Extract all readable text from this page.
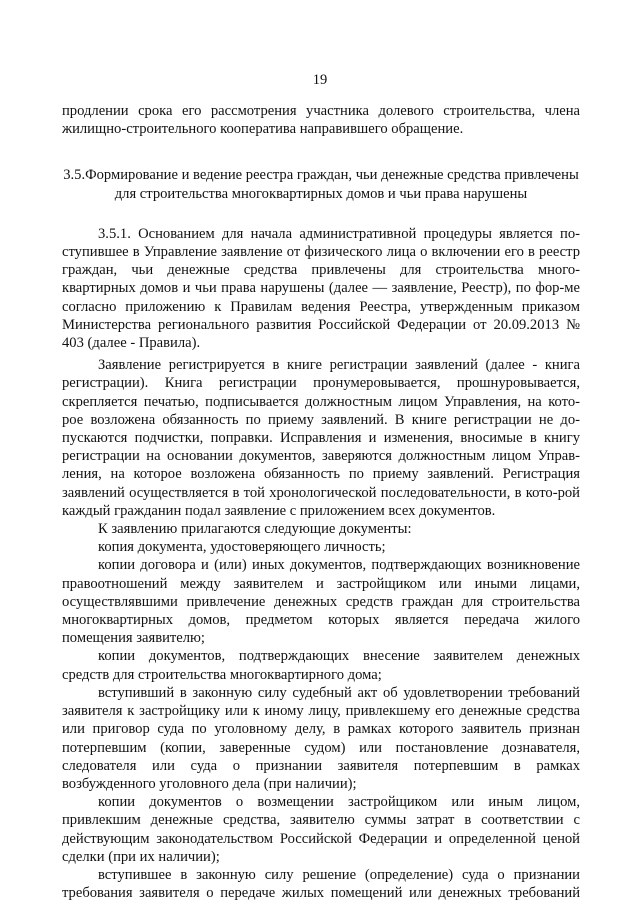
19

продлении срока его рассмотрения участника долевого строительства, члена жилищно-строительного кооператива направившего обращение.

3.5.Формирование и ведение реестра граждан, чьи денежные средства привлечены для строительства многоквартирных домов и чьи права нарушены

3.5.1. Основанием для начала административной процедуры является по-ступившее в Управление заявление от физического лица о включении его в реестр граждан, чьи денежные средства привлечены для строительства много-квартирных домов и чьи права нарушены (далее — заявление, Реестр), по фор-ме согласно приложению к Правилам ведения Реестра, утвержденным приказом Министерства регионального развития Российской Федерации от 20.09.2013 № 403 (далее - Правила).

Заявление регистрируется в книге регистрации заявлений (далее - книга регистрации). Книга регистрации пронумеровывается, прошнуровывается, скрепляется печатью, подписывается должностным лицом Управления, на кото-рое возложена обязанность по приему заявлений. В книге регистрации не до-пускаются подчистки, поправки. Исправления и изменения, вносимые в книгу регистрации на основании документов, заверяются должностным лицом Управ-ления, на которое возложена обязанность по приему заявлений. Регистрация заявлений осуществляется в той хронологической последовательности, в кото-рой каждый гражданин подал заявление с приложением всех документов.

К заявлению прилагаются следующие документы:

копия документа, удостоверяющего личность;

копии договора и (или) иных документов, подтверждающих возникновение правоотношений между заявителем и застройщиком или иными лицами, осуществлявшими привлечение денежных средств граждан для строительства многоквартирных домов, предметом которых является передача жилого помещения заявителю;

копии документов, подтверждающих внесение заявителем денежных средств для строительства многоквартирного дома;

вступивший в законную силу судебный акт об удовлетворении требований заявителя к застройщику или к иному лицу, привлекшему его денежные средства или приговор суда по уголовному делу, в рамках которого заявитель признан потерпевшим (копии, заверенные судом) или постановление дознавателя, следователя или суда о признании заявителя потерпевшим в рамках возбужденного уголовного дела (при наличии);

копии документов о возмещении застройщиком или иным лицом, привлекшим денежные средства, заявителю суммы затрат в соответствии с действующим законодательством Российской Федерации и определенной ценой сделки (при их наличии);

вступившее в законную силу решение (определение) суда о признании требования заявителя о передаче жилых помещений или денежных требований
